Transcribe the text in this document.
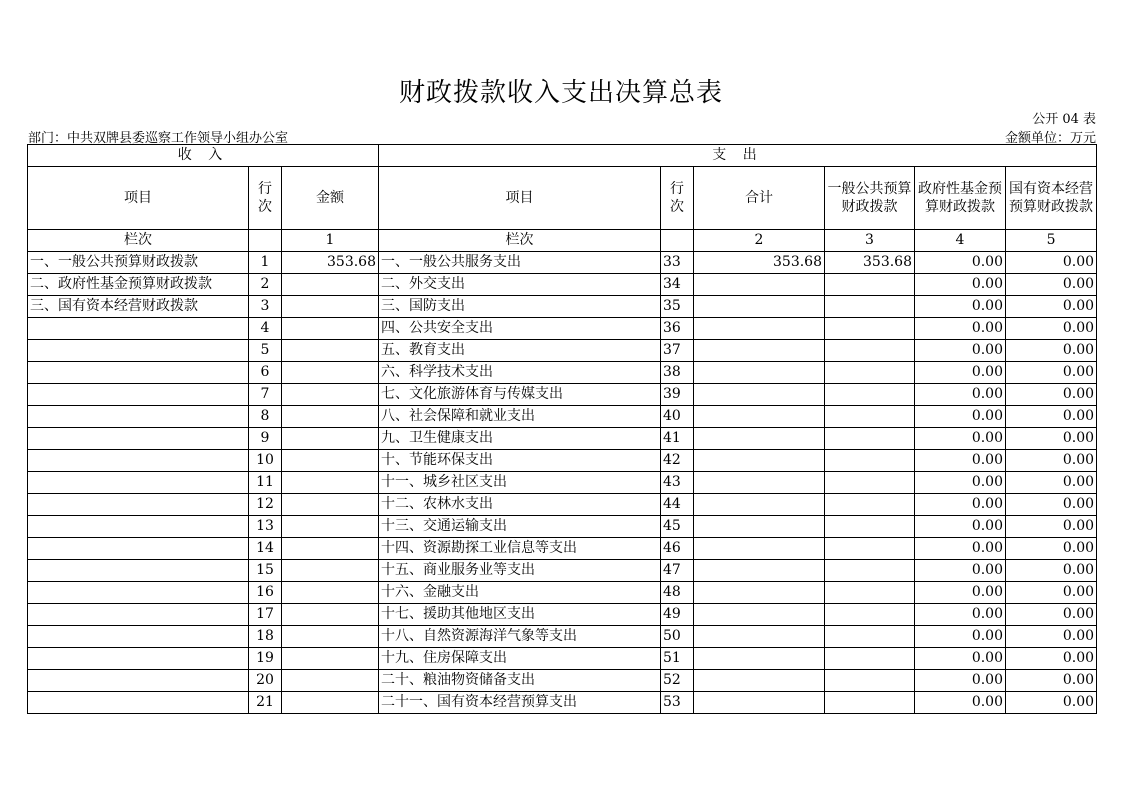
财政拨款收入支出决算总表
公开 04 表
部门：中共双牌县委巡察工作领导小组办公室	金额单位：万元
收 入			支 出					
项目	行次	金额	项目	行次	合计	一般公共预算财政拨款	政府性基金预算财政拨款	国有资本经营预算财政拨款
栏次		1	栏次		2	3	4	5
一、一般公共预算财政拨款	1	353.68	一、一般公共服务支出	33	353.68	353.68	0.00	0.00
二、政府性基金预算财政拨款	2		二、外交支出	34			0.00	0.00
三、国有资本经营财政拨款	3		三、国防支出	35			0.00	0.00
	4		四、公共安全支出	36			0.00	0.00
	5		五、教育支出	37			0.00	0.00
	6		六、科学技术支出	38			0.00	0.00
	7		七、文化旅游体育与传媒支出	39			0.00	0.00
	8		八、社会保障和就业支出	40			0.00	0.00
	9		九、卫生健康支出	41			0.00	0.00
	10		十、节能环保支出	42			0.00	0.00
	11		十一、城乡社区支出	43			0.00	0.00
	12		十二、农林水支出	44			0.00	0.00
	13		十三、交通运输支出	45			0.00	0.00
	14		十四、资源勘探工业信息等支出	46			0.00	0.00
	15		十五、商业服务业等支出	47			0.00	0.00
	16		十六、金融支出	48			0.00	0.00
	17		十七、援助其他地区支出	49			0.00	0.00
	18		十八、自然资源海洋气象等支出	50			0.00	0.00
	19		十九、住房保障支出	51			0.00	0.00
	20		二十、粮油物资储备支出	52			0.00	0.00
	21		二十一、国有资本经营预算支出	53			0.00	0.00
